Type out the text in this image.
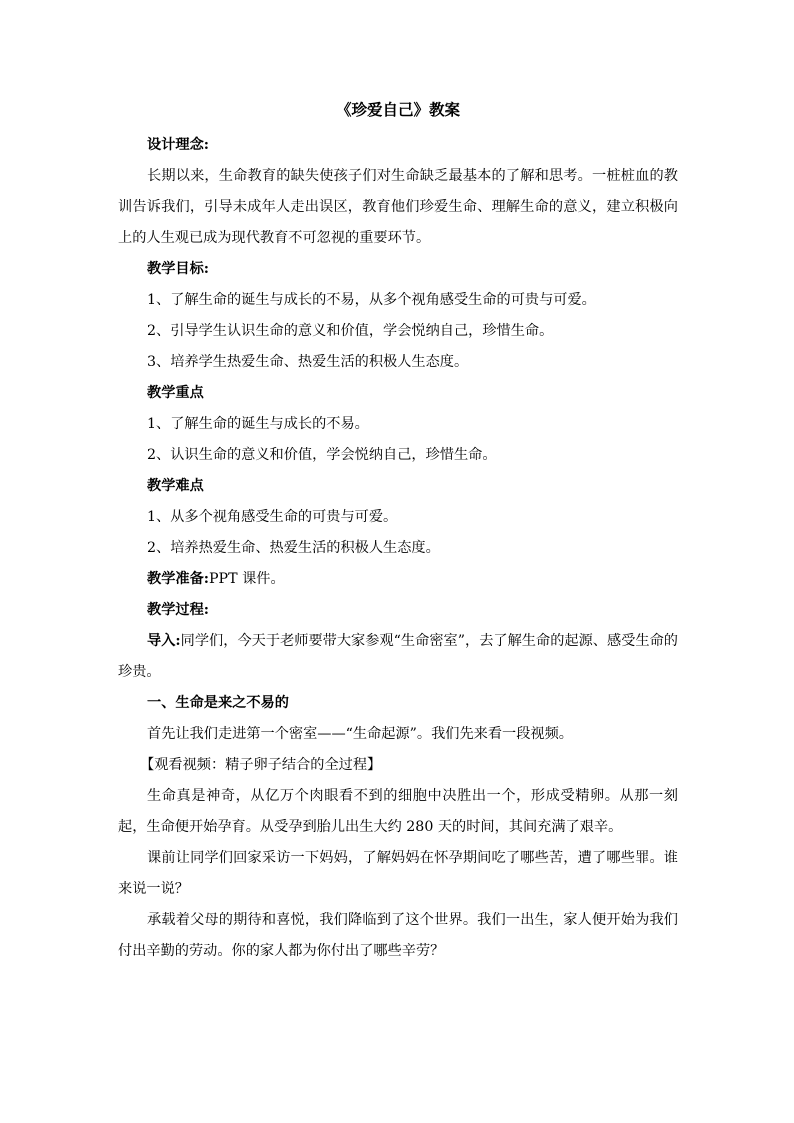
《珍爱自己》教案

设计理念:

长期以来，生命教育的缺失使孩子们对生命缺乏最基本的了解和思考。一桩桩血的教训告诉我们，引导未成年人走出误区，教育他们珍爱生命、理解生命的意义，建立积极向上的人生观已成为现代教育不可忽视的重要环节。

教学目标:

1、了解生命的诞生与成长的不易，从多个视角感受生命的可贵与可爱。

2、引导学生认识生命的意义和价值，学会悦纳自己，珍惜生命。

3、培养学生热爱生命、热爱生活的积极人生态度。

教学重点

1、了解生命的诞生与成长的不易。

2、认识生命的意义和价值，学会悦纳自己，珍惜生命。

教学难点

1、从多个视角感受生命的可贵与可爱。

2、培养热爱生命、热爱生活的积极人生态度。

教学准备:PPT 课件。

教学过程:

导入:同学们，今天于老师要带大家参观“生命密室”，去了解生命的起源、感受生命的珍贵。

一、生命是来之不易的

首先让我们走进第一个密室——“生命起源”。我们先来看一段视频。

【观看视频：精子卵子结合的全过程】

生命真是神奇，从亿万个肉眼看不到的细胞中决胜出一个，形成受精卵。从那一刻起，生命便开始孕育。从受孕到胎儿出生大约 280 天的时间，其间充满了艰辛。

课前让同学们回家采访一下妈妈，了解妈妈在怀孕期间吃了哪些苦，遭了哪些罪。谁来说一说？

承载着父母的期待和喜悦，我们降临到了这个世界。我们一出生，家人便开始为我们付出辛勤的劳动。你的家人都为你付出了哪些辛劳？
